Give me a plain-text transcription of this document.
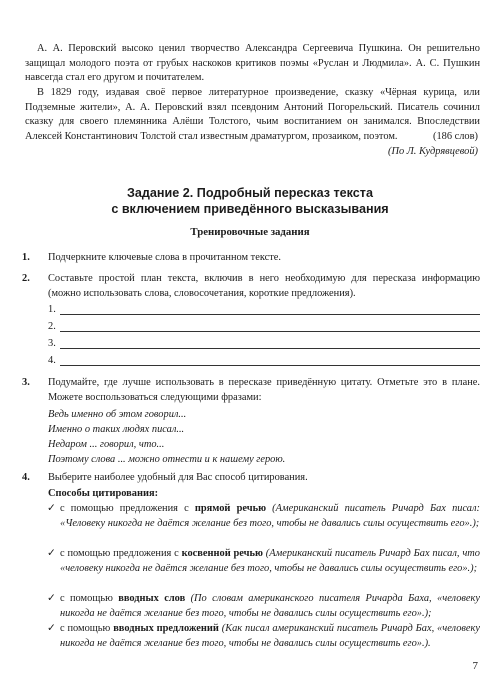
А. А. Перовский высоко ценил творчество Александра Сергеевича Пушкина. Он решительно защищал молодого поэта от грубых наскоков критиков поэмы «Руслан и Людмила». А. С. Пушкин навсегда стал его другом и почитателем.

В 1829 году, издавая своё первое литературное произведение, сказку «Чёрная курица, или Подземные жители», А. А. Перовский взял псевдоним Антоний Погорельский. Писатель сочинил сказку для своего племянника Алёши Толстого, чьим воспитанием он занимался. Впоследствии Алексей Константинович Толстой стал известным драматургом, прозаиком, поэтом.	(186 слов)
(По Л. Кудрявцевой)
Задание 2. Подробный пересказ текста
с включением приведённого высказывания
Тренировочные задания
1. Подчеркните ключевые слова в прочитанном тексте.

2. Составьте простой план текста, включив в него необходимую для пересказа информацию (можно использовать слова, словосочетания, короткие предложения).

1.
2.
3.
4.
3. Подумайте, где лучше использовать в пересказе приведённую цитату. Отметьте это в плане. Можете воспользоваться следующими фразами:

Ведь именно об этом говорил...
Именно о таких людях писал...
Недаром ... говорил, что...
Поэтому слова ... можно отнести и к нашему герою.
4. Выберите наиболее удобный для Вас способ цитирования.

Способы цитирования:
✓ с помощью предложения с прямой речью (Американский писатель Ричард Бах писал: «Человеку никогда не даётся желание без того, чтобы не давались силы осуществить его».);

✓ с помощью предложения с косвенной речью (Американский писатель Ричард Бах писал, что «человеку никогда не даётся желание без того, чтобы не давались силы осуществить его».);

✓ с помощью вводных слов (По словам американского писателя Ричарда Баха, «человеку никогда не даётся желание без того, чтобы не давались силы осуществить его».);

✓ с помощью вводных предложений (Как писал американский писатель Ричард Бах, «человеку никогда не даётся желание без того, чтобы не давались силы осуществить его».).

7
